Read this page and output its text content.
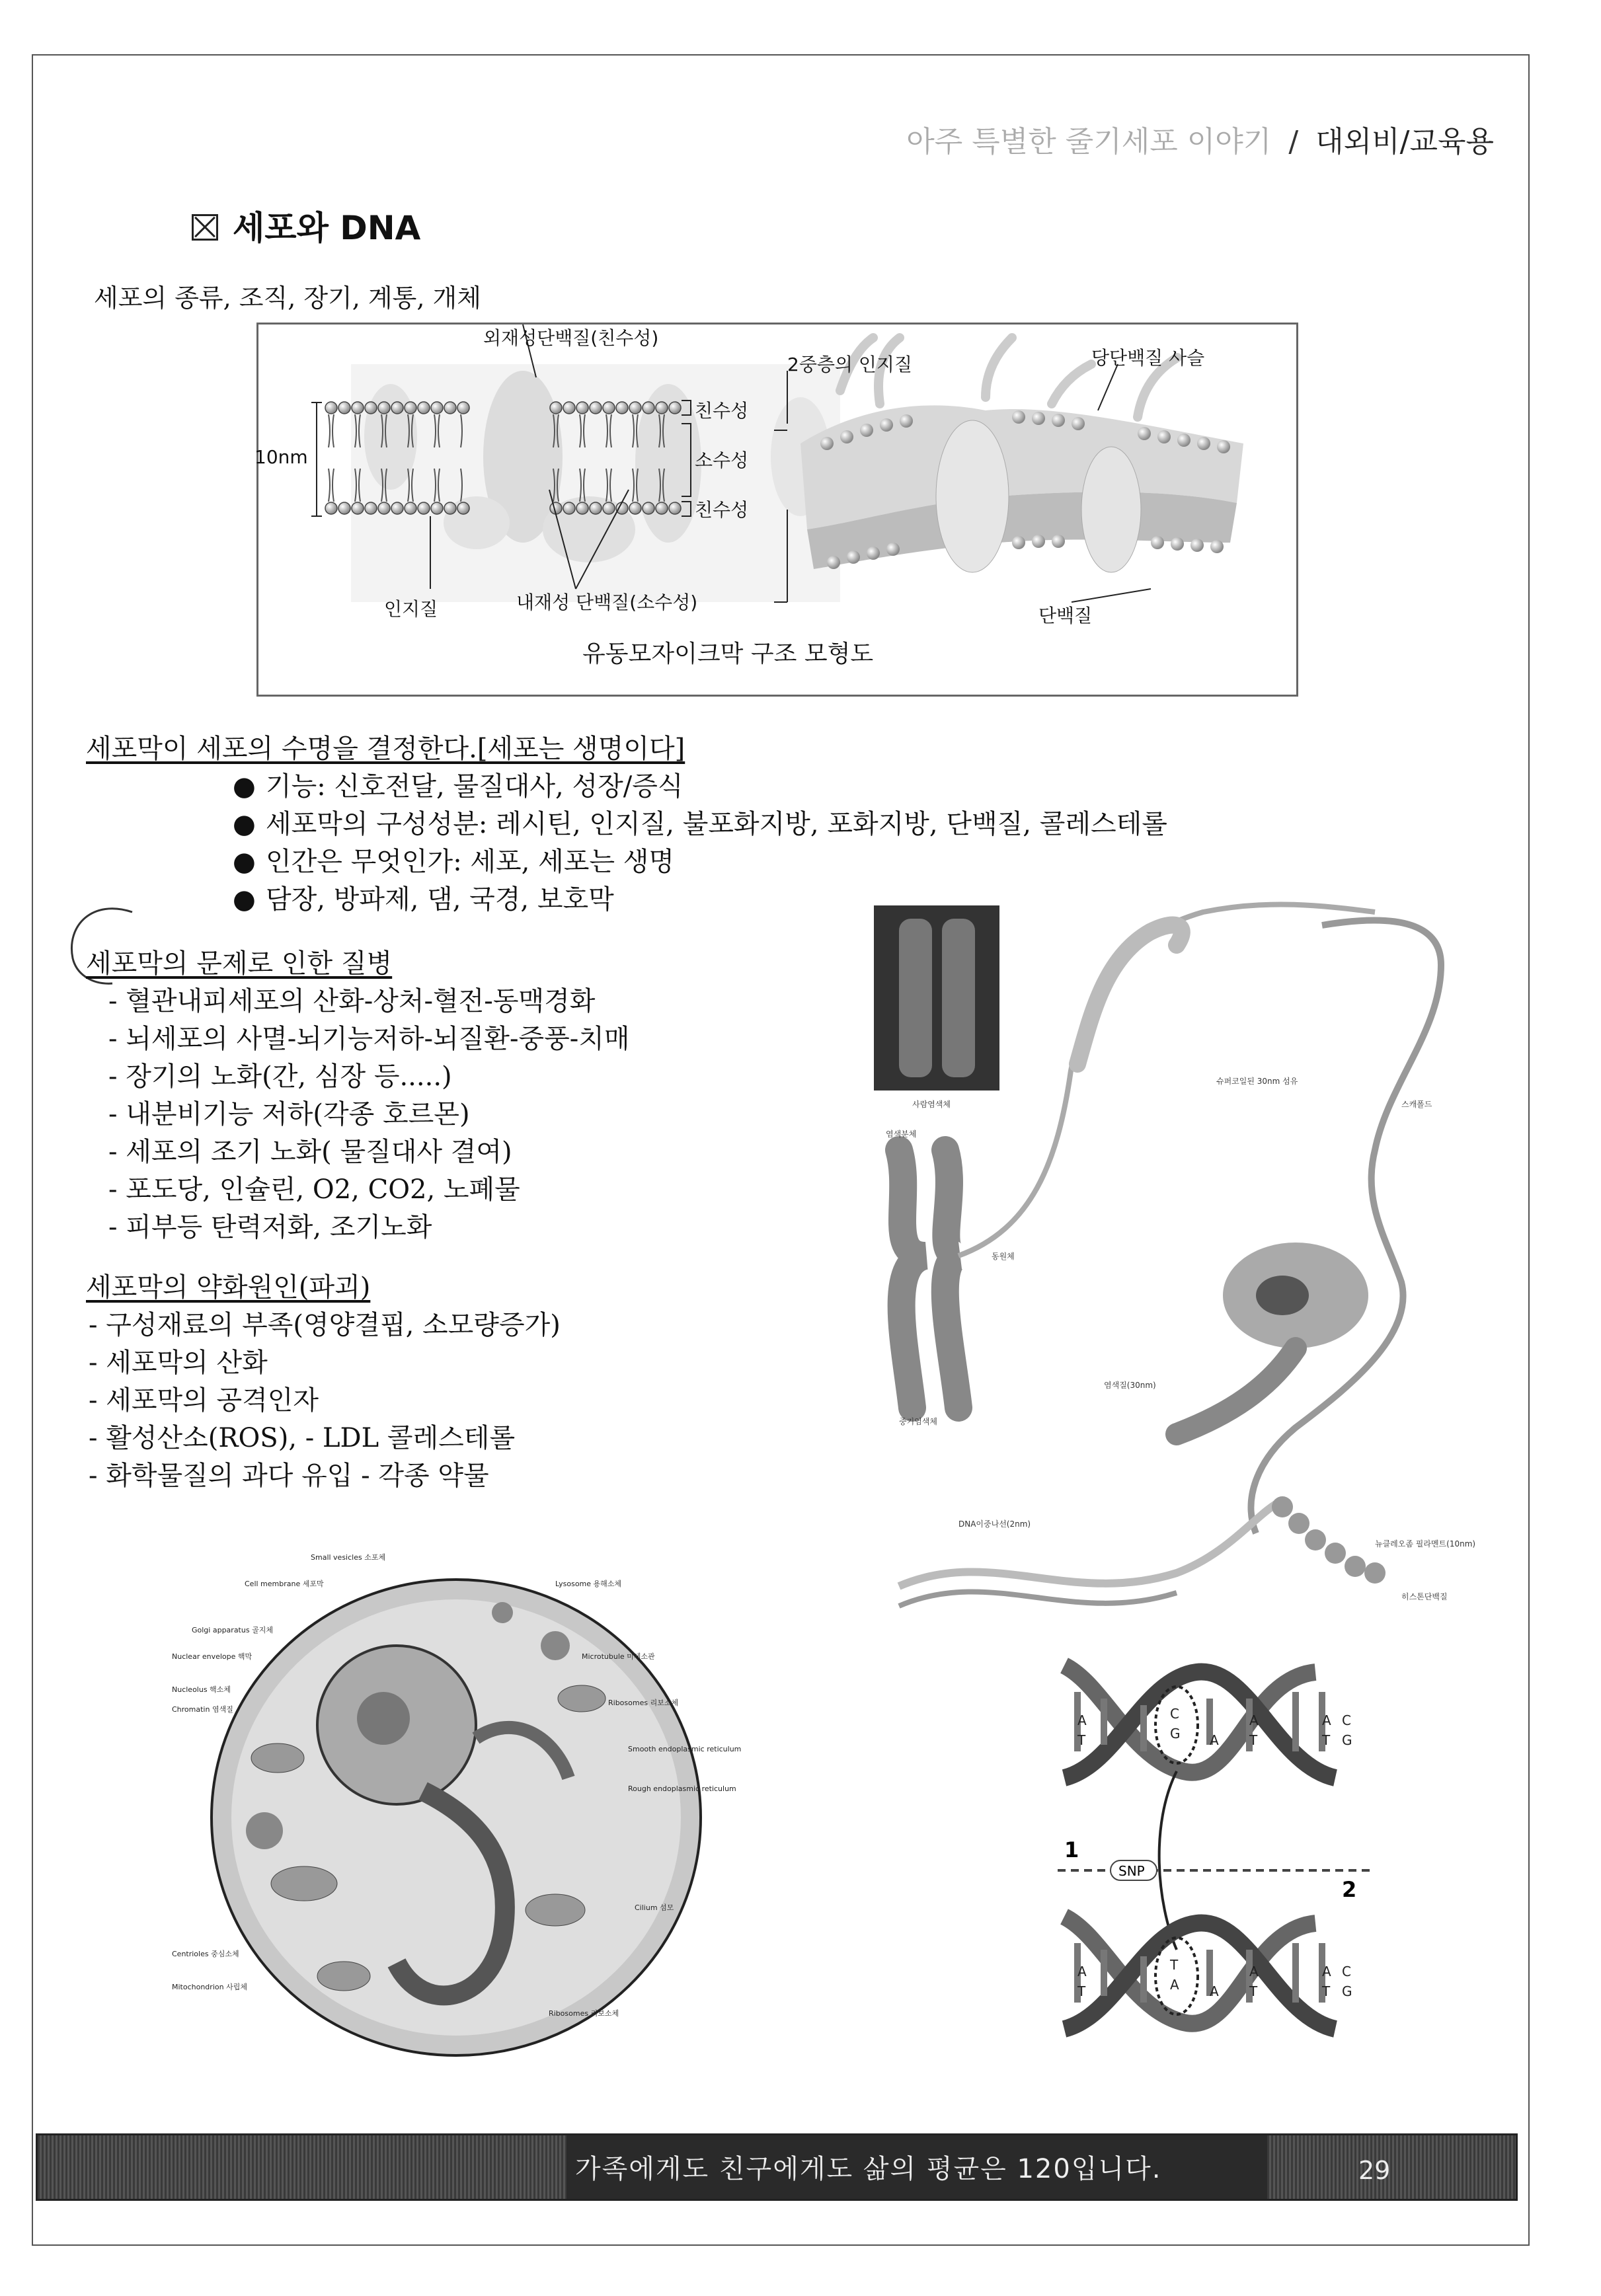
아주 특별한 줄기세포 이야기 / 대외비/교육용
세포와 DNA
세포의 종류, 조직, 장기, 계통, 개체
외재성단백질(친수성)
2중층의 인지질	당단백질 사슬
10nm
친수성
소수성
친수성
인지질	내재성 단백질(소수성)
단백질
유동모자이크막 구조 모형도
세포막이 세포의 수명을 결정한다.[세포는 생명이다]
● 기능: 신호전달, 물질대사, 성장/증식
● 세포막의 구성성분: 레시틴, 인지질, 불포화지방, 포화지방, 단백질, 콜레스테롤
● 인간은 무엇인가: 세포, 세포는 생명
● 담장, 방파제, 댐, 국경, 보호막
세포막의 문제로 인한 질병
- 혈관내피세포의 산화-상처-혈전-동맥경화
- 뇌세포의 사멸-뇌기능저하-뇌질환-중풍-치매
- 장기의 노화(간, 심장 등.....)
- 내분비기능 저하(각종 호르몬)
- 세포의 조기 노화( 물질대사 결여)
- 포도당, 인슐린, O2, CO2, 노폐물
- 피부등 탄력저화, 조기노화
세포막의 약화원인(파괴)
- 구성재료의 부족(영양결핍, 소모량증가)
- 세포막의 산화
- 세포막의 공격인자
- 활성산소(ROS), - LDL 콜레스테롤
- 화학물질의 과다 유입 - 각종 약물
사람염색체
염색분체
동원체
중기염색체
슈퍼코일된 30nm 섬유
스캐폴드
염색질(30nm)
DNA이중나선(2nm)
뉴클레오좀 필라멘트(10nm)
히스톤단백질
Small vesicles 소포체
Cell membrane 세포막
Golgi apparatus 골지체
Nuclear envelope 핵막
Nucleolus 핵소체
Chromatin 염색질
Centrioles 중심소체
Mitochondrion 사립체
Lysosome 용해소체
Microtubule 미세소관
Ribosomes 리보소체
Smooth endoplasmic reticulum
Rough endoplasmic reticulum
Cilium 섬모
Ribosomes 리보소체
SNP
1
2
A	C	A	A C
T	G A T	T G
A	T	A	A C
T	A A T	T G
가족에게도 친구에게도 삶의 평균은 120입니다.	29
